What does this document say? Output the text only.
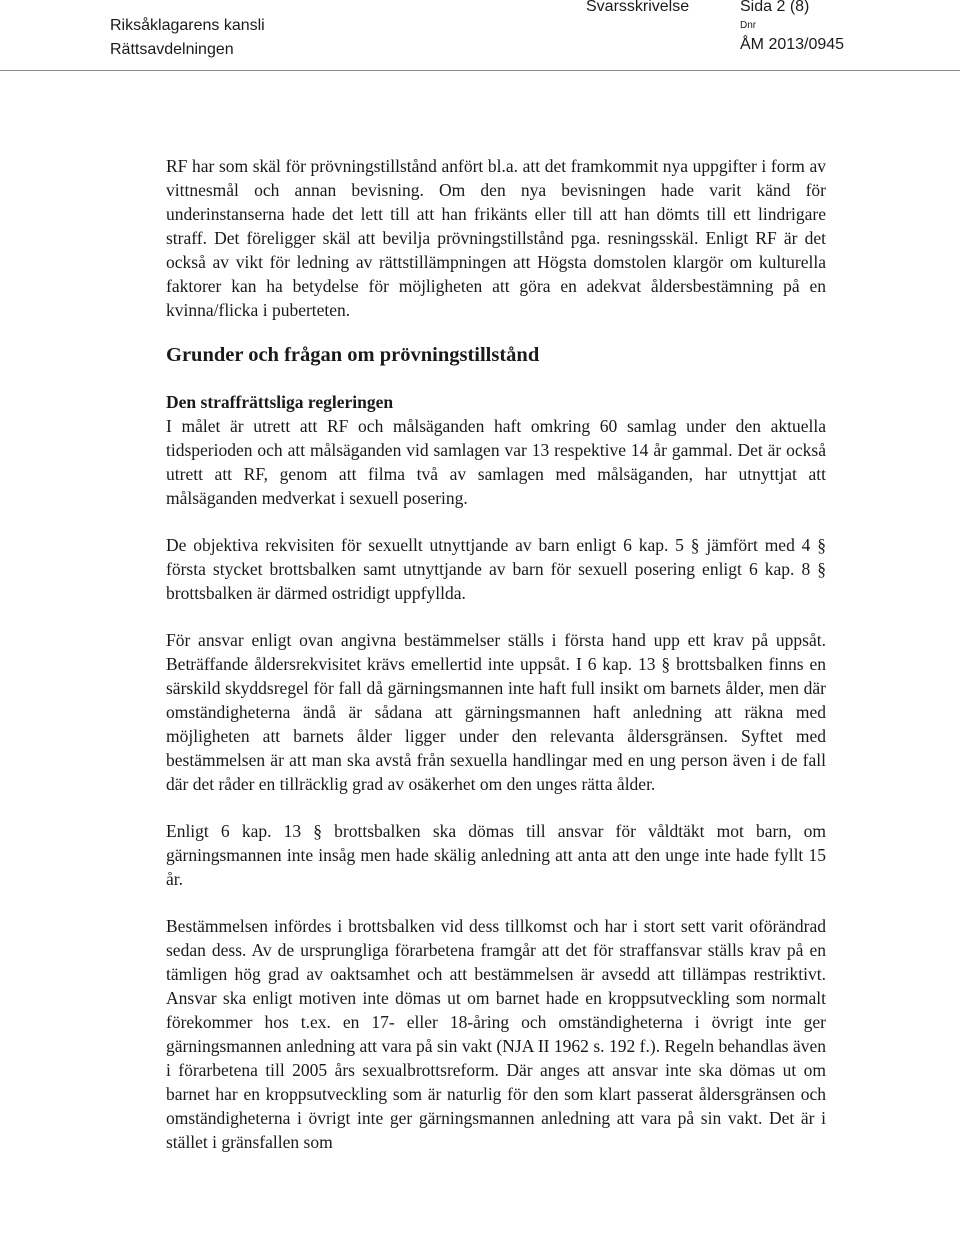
Riksåklagarens kansli
Rättsavdelningen
Svarsskrivelse	Sida 2 (8)
Dnr
ÅM 2013/0945

RF har som skäl för prövningstillstånd anfört bl.a. att det framkommit nya uppgifter i form av vittnesmål och annan bevisning. Om den nya bevisningen hade varit känd för underinstanserna hade det lett till att han frikänts eller till att han dömts till ett lindrigare straff. Det föreligger skäl att bevilja prövningstillstånd pga. resningsskäl. Enligt RF är det också av vikt för ledning av rättstillämpningen att Högsta domstolen klargör om kulturella faktorer kan ha betydelse för möjligheten att göra en adekvat åldersbestämning på en kvinna/flicka i puberteten.

Grunder och frågan om prövningstillstånd
Den straffrättsliga regleringen

I målet är utrett att RF och målsäganden haft omkring 60 samlag under den aktuella tidsperioden och att målsäganden vid samlagen var 13 respektive 14 år gammal. Det är också utrett att RF, genom att filma två av samlagen med målsäganden, har utnyttjat att målsäganden medverkat i sexuell posering.

De objektiva rekvisiten för sexuellt utnyttjande av barn enligt 6 kap. 5 § jämfört med 4 § första stycket brottsbalken samt utnyttjande av barn för sexuell posering enligt 6 kap. 8 § brottsbalken är därmed ostridigt uppfyllda.

För ansvar enligt ovan angivna bestämmelser ställs i första hand upp ett krav på uppsåt. Beträffande åldersrekvisitet krävs emellertid inte uppsåt. I 6 kap. 13 § brottsbalken finns en särskild skyddsregel för fall då gärningsmannen inte haft full insikt om barnets ålder, men där omständigheterna ändå är sådana att gärningsmannen haft anledning att räkna med möjligheten att barnets ålder ligger under den relevanta åldersgränsen. Syftet med bestämmelsen är att man ska avstå från sexuella handlingar med en ung person även i de fall där det råder en tillräcklig grad av osäkerhet om den unges rätta ålder.

Enligt 6 kap. 13 § brottsbalken ska dömas till ansvar för våldtäkt mot barn, om gärningsmannen inte insåg men hade skälig anledning att anta att den unge inte hade fyllt 15 år.

Bestämmelsen infördes i brottsbalken vid dess tillkomst och har i stort sett varit oförändrad sedan dess. Av de ursprungliga förarbetena framgår att det för straffansvar ställs krav på en tämligen hög grad av oaktsamhet och att bestämmelsen är avsedd att tillämpas restriktivt. Ansvar ska enligt motiven inte dömas ut om barnet hade en kroppsutveckling som normalt förekommer hos t.ex. en 17- eller 18-åring och omständigheterna i övrigt inte ger gärningsmannen anledning att vara på sin vakt (NJA II 1962 s. 192 f.). Regeln behandlas även i förarbetena till 2005 års sexualbrottsreform. Där anges att ansvar inte ska dömas ut om barnet har en kroppsutveckling som är naturlig för den som klart passerat åldersgränsen och omständigheterna i övrigt inte ger gärningsmannen anledning att vara på sin vakt. Det är i stället i gränsfallen som
